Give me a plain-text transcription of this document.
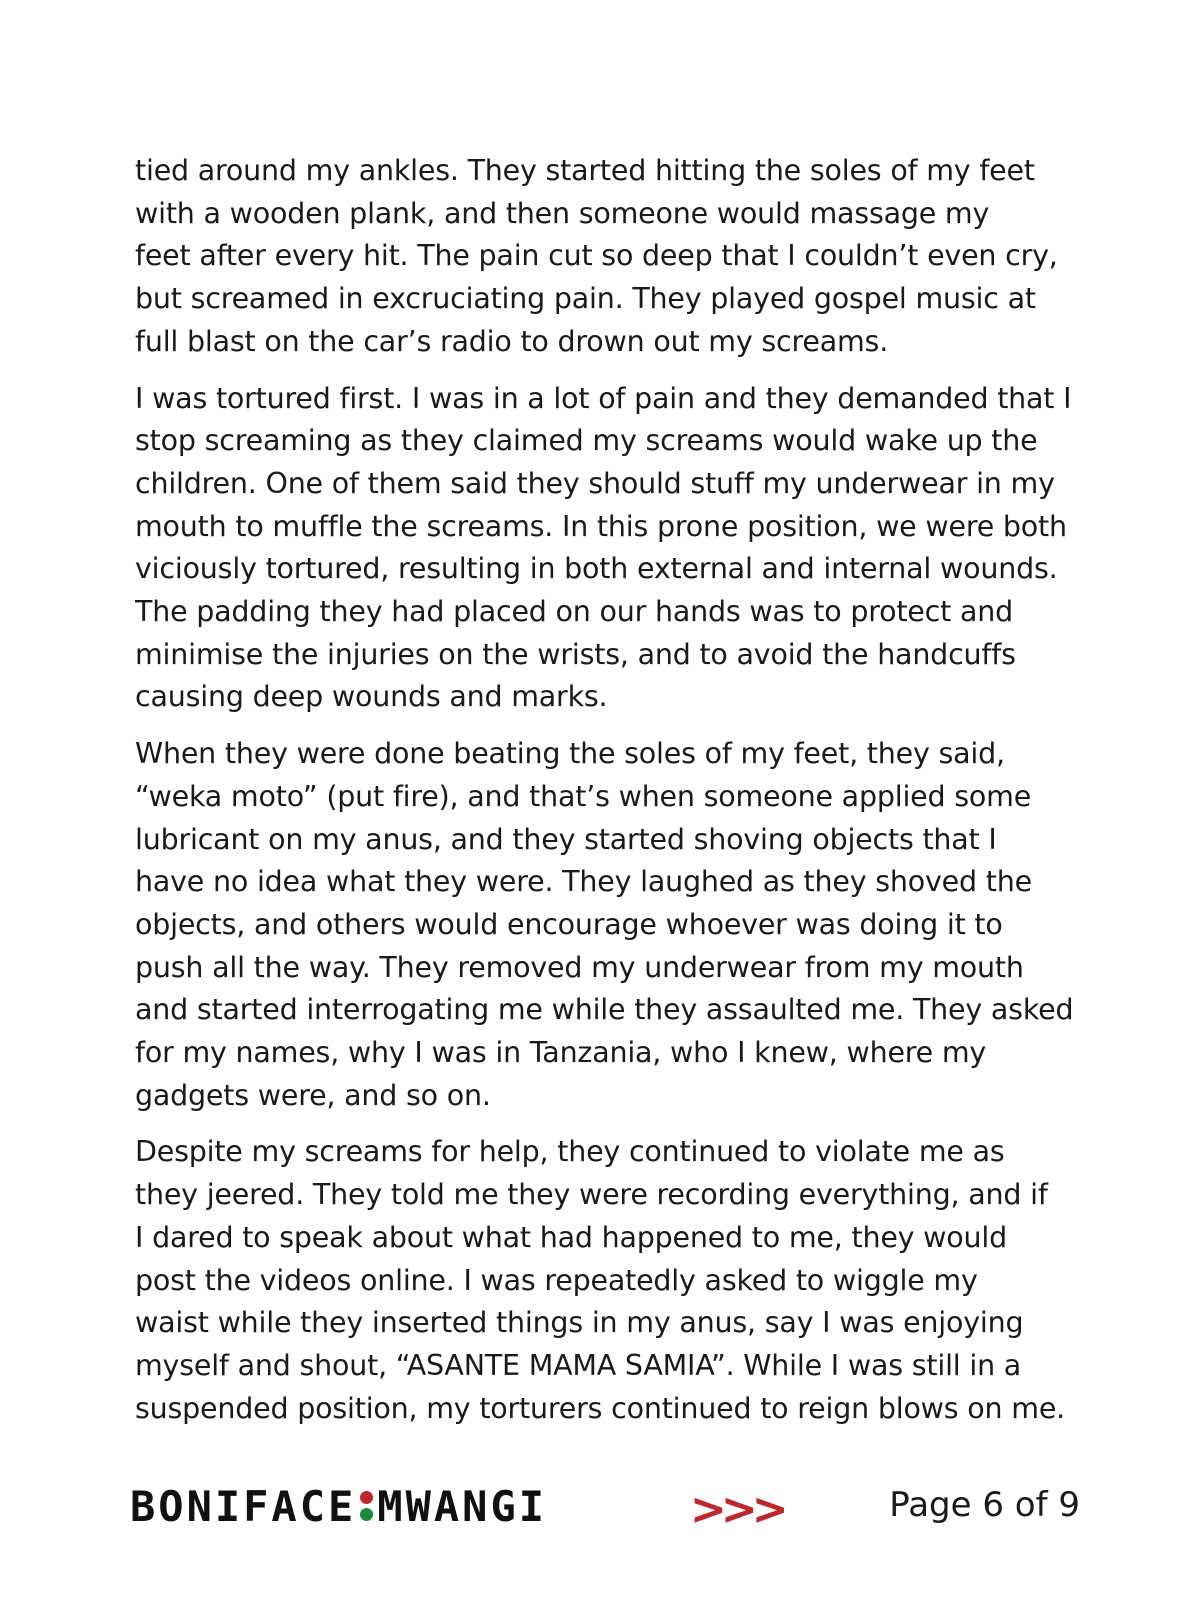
tied around my ankles. They started hitting the soles of my feet
with a wooden plank, and then someone would massage my
feet after every hit. The pain cut so deep that I couldn’t even cry,
but screamed in excruciating pain. They played gospel music at
full blast on the car’s radio to drown out my screams.

I was tortured first. I was in a lot of pain and they demanded that I
stop screaming as they claimed my screams would wake up the
children. One of them said they should stuff my underwear in my
mouth to muffle the screams. In this prone position, we were both
viciously tortured, resulting in both external and internal wounds.
The padding they had placed on our hands was to protect and
minimise the injuries on the wrists, and to avoid the handcuffs
causing deep wounds and marks.

When they were done beating the soles of my feet, they said,
“weka moto” (put fire), and that’s when someone applied some
lubricant on my anus, and they started shoving objects that I
have no idea what they were. They laughed as they shoved the
objects, and others would encourage whoever was doing it to
push all the way. They removed my underwear from my mouth
and started interrogating me while they assaulted me. They asked
for my names, why I was in Tanzania, who I knew, where my
gadgets were, and so on.

Despite my screams for help, they continued to violate me as
they jeered. They told me they were recording everything, and if
I dared to speak about what had happened to me, they would
post the videos online. I was repeatedly asked to wiggle my
waist while they inserted things in my anus, say I was enjoying
myself and shout, “ASANTE MAMA SAMIA”. While I was still in a
suspended position, my torturers continued to reign blows on me.

BONIFACE MWANGI	>>>	Page 6 of 9
